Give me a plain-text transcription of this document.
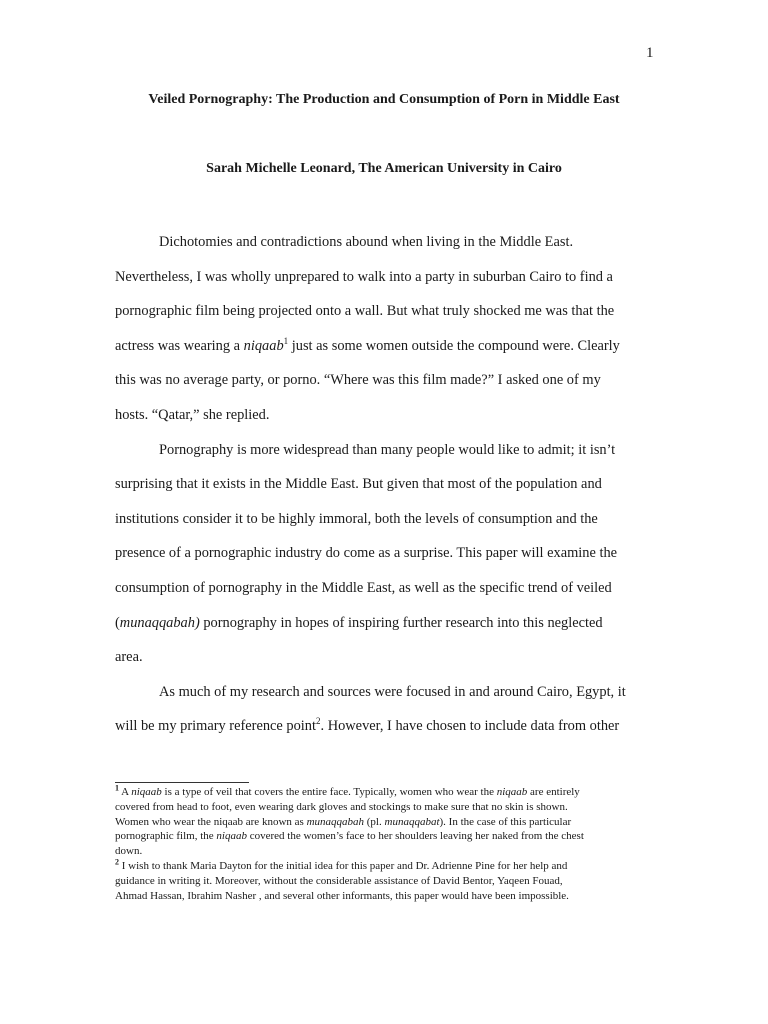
1
Veiled Pornography: The Production and Consumption of Porn in Middle East
Sarah Michelle Leonard, The American University in Cairo
Dichotomies and contradictions abound when living in the Middle East.
Nevertheless, I was wholly unprepared to walk into a party in suburban Cairo to find a
pornographic film being projected onto a wall. But what truly shocked me was that the
actress was wearing a niqaab$^1$ just as some women outside the compound were. Clearly
this was no average party, or porno. “Where was this film made?” I asked one of my
hosts. “Qatar,” she replied.
Pornography is more widespread than many people would like to admit; it isn’t
surprising that it exists in the Middle East. But given that most of the population and
institutions consider it to be highly immoral, both the levels of consumption and the
presence of a pornographic industry do come as a surprise. This paper will examine the
consumption of pornography in the Middle East, as well as the specific trend of veiled
(munaqqabah) pornography in hopes of inspiring further research into this neglected
area.
As much of my research and sources were focused in and around Cairo, Egypt, it
will be my primary reference point$^2$. However, I have chosen to include data from other
$^1$ A niqaab is a type of veil that covers the entire face. Typically, women who wear the niqaab are entirely
covered from head to foot, even wearing dark gloves and stockings to make sure that no skin is shown.
Women who wear the niqaab are known as munaqqabah (pl. munaqqabat). In the case of this particular
pornographic film, the niqaab covered the women’s face to her shoulders leaving her naked from the chest
down.
$^2$ I wish to thank Maria Dayton for the initial idea for this paper and Dr. Adrienne Pine for her help and
guidance in writing it. Moreover, without the considerable assistance of David Bentor, Yaqeen Fouad,
Ahmad Hassan, Ibrahim Nasher , and several other informants, this paper would have been impossible.
